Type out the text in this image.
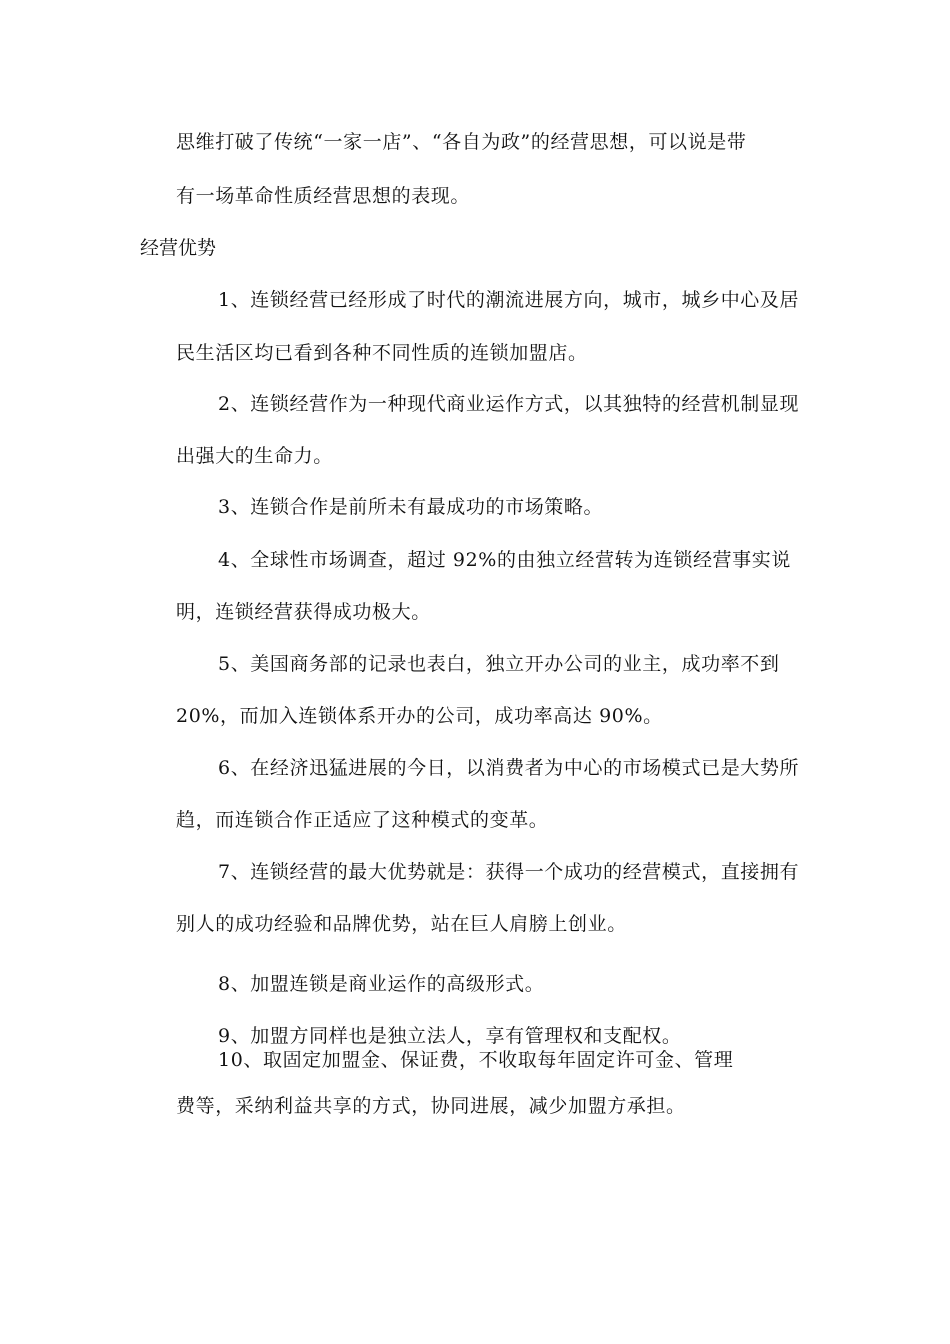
思维打破了传统“一家一店”、“各自为政”的经营思想，可以说是带
有一场革命性质经营思想的表现。
经营优势
1、连锁经营已经形成了时代的潮流进展方向，城市，城乡中心及居
民生活区均已看到各种不同性质的连锁加盟店。
2、连锁经营作为一种现代商业运作方式，以其独特的经营机制显现
出强大的生命力。
3、连锁合作是前所未有最成功的市场策略。
4、全球性市场调查，超过 92%的由独立经营转为连锁经营事实说
明，连锁经营获得成功极大。
5、美国商务部的记录也表白，独立开办公司的业主，成功率不到
20%，而加入连锁体系开办的公司，成功率高达 90%。
6、在经济迅猛进展的今日，以消费者为中心的市场模式已是大势所
趋，而连锁合作正适应了这种模式的变革。
7、连锁经营的最大优势就是：获得一个成功的经营模式，直接拥有
别人的成功经验和品牌优势，站在巨人肩膀上创业。
8、加盟连锁是商业运作的高级形式。
9、加盟方同样也是独立法人，享有管理权和支配权。
10、取固定加盟金、保证费，不收取每年固定许可金、管理
费等，采纳利益共享的方式，协同进展，减少加盟方承担。
